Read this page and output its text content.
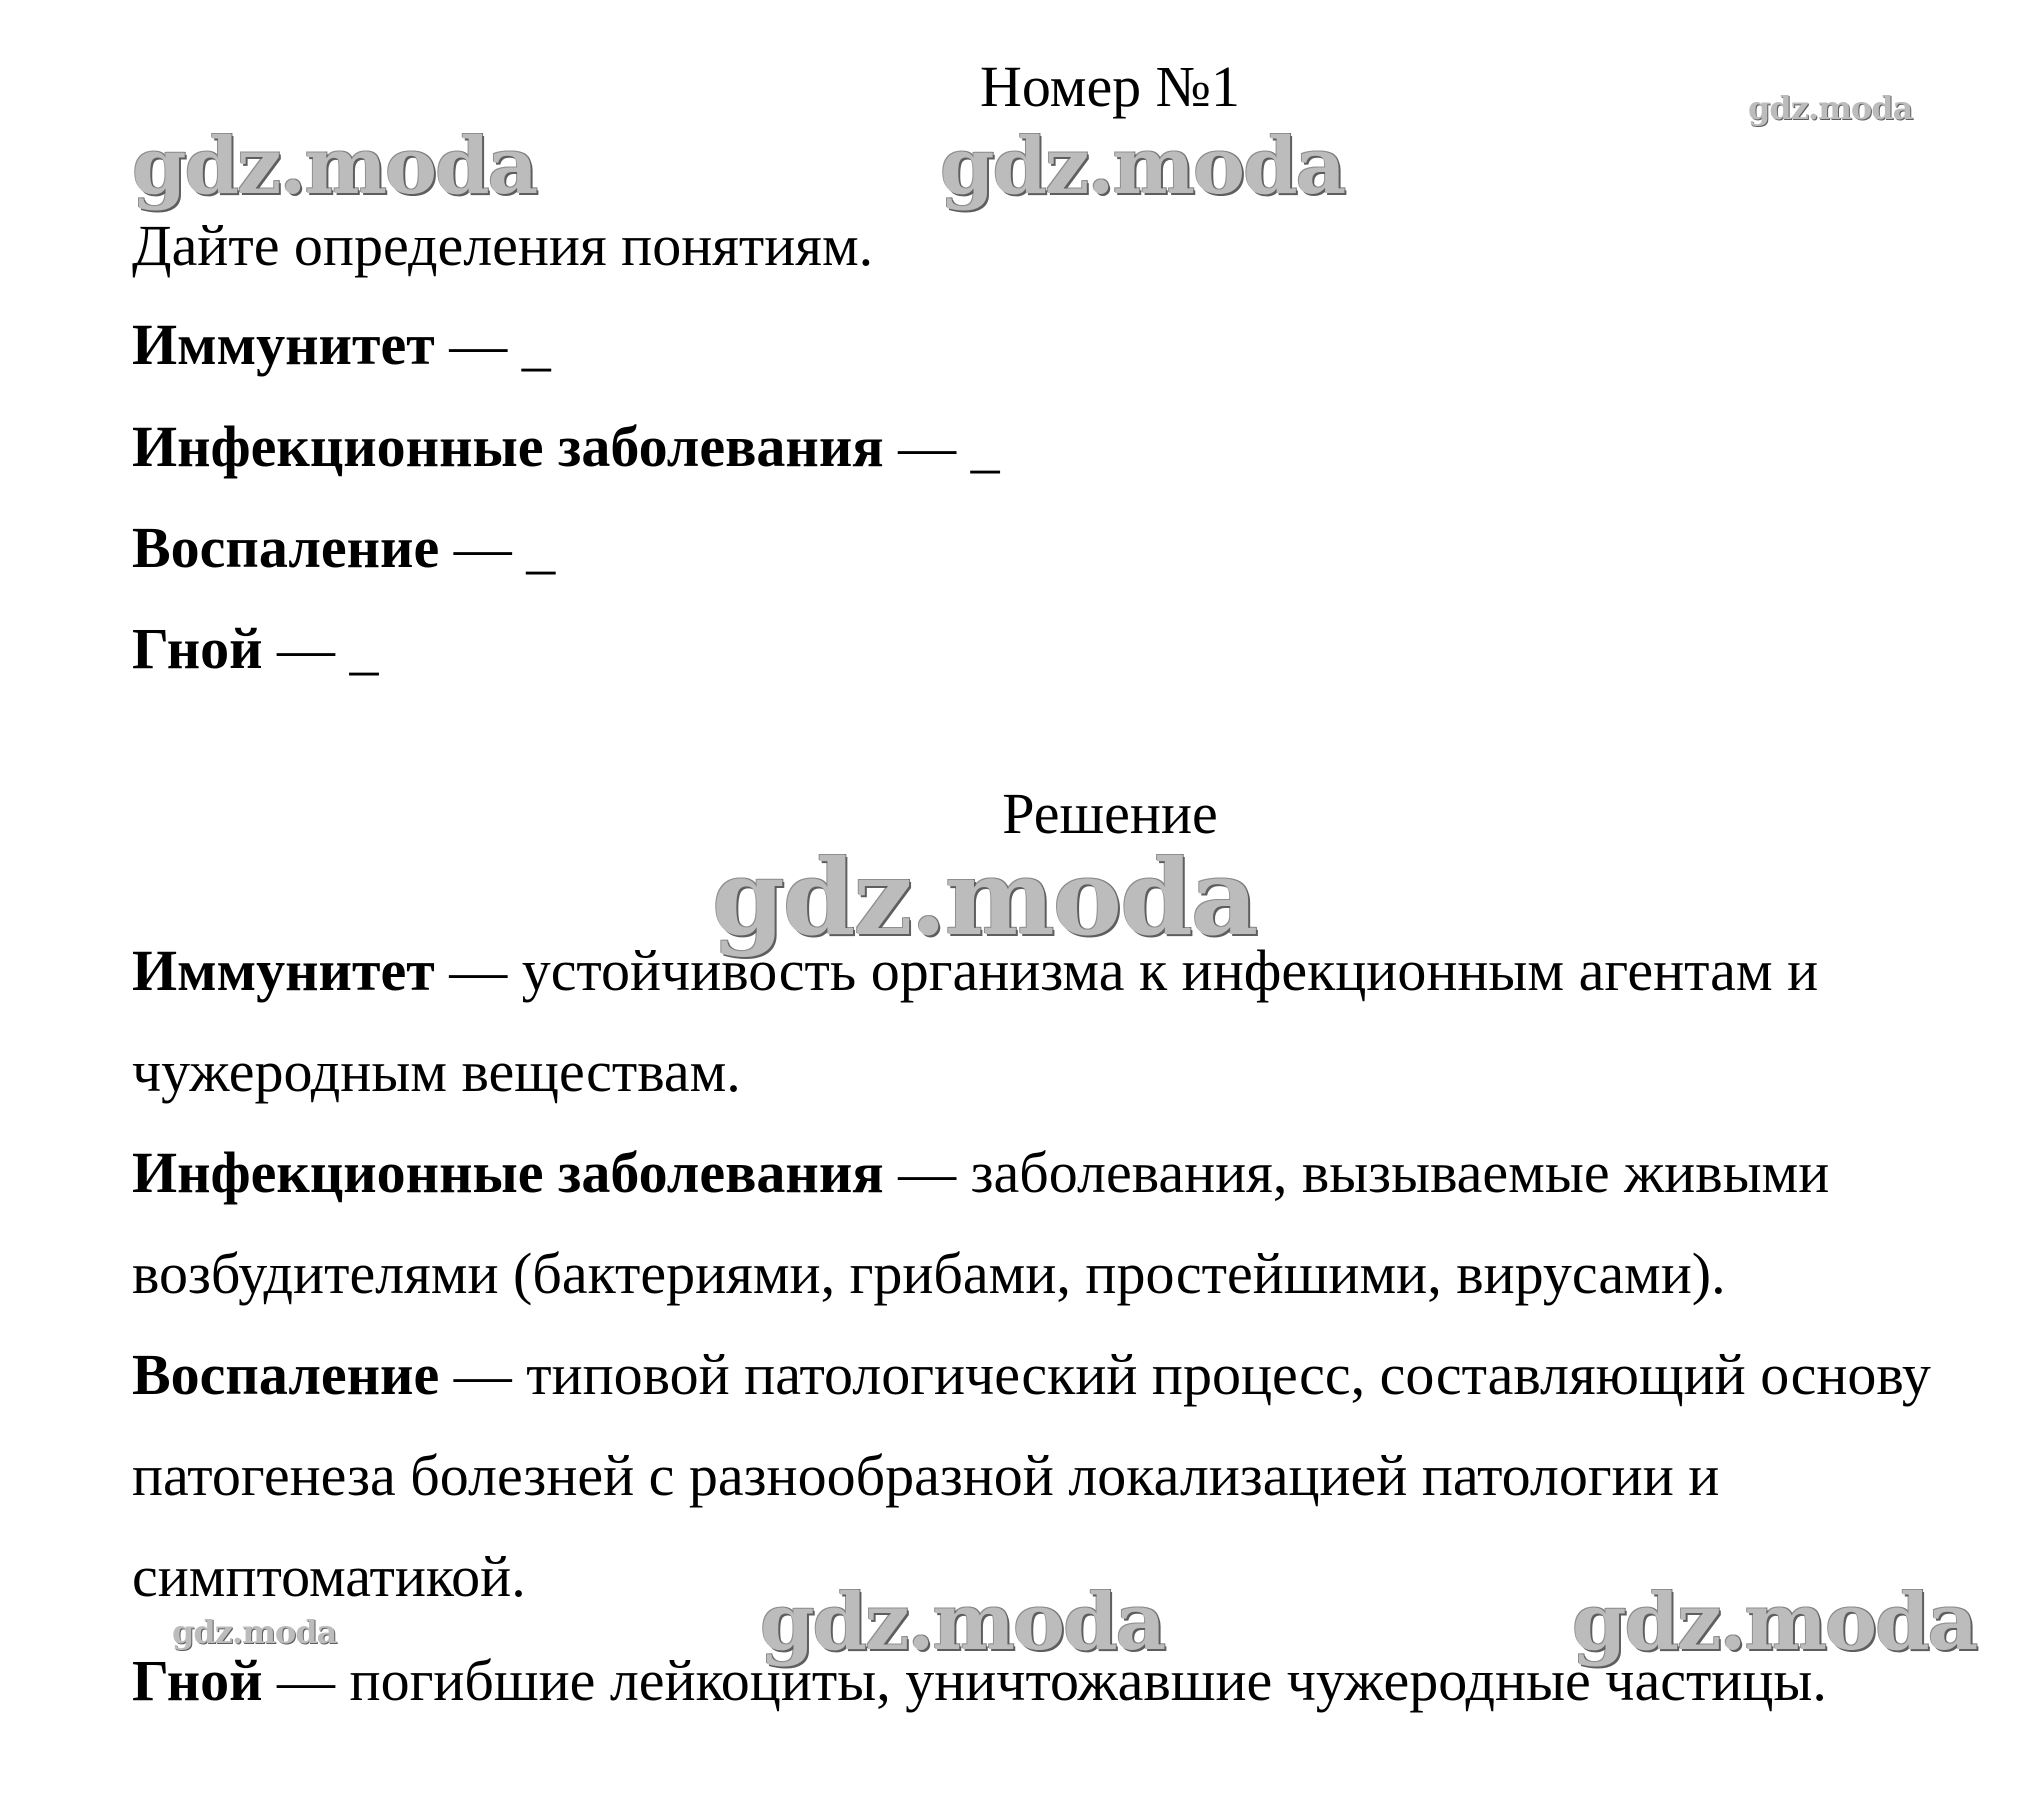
gdz.moda	gdz.moda
gdz.moda
gdz.moda
gdz.moda	gdz.moda	gdz.moda
Номер №1
Дайте определения понятиям.
Иммунитет — _
Инфекционные заболевания — _
Воспаление — _
Гной — _
Решение
Иммунитет — устойчивость организма к инфекционным агентам и
чужеродным веществам.
Инфекционные заболевания — заболевания, вызываемые живыми
возбудителями (бактериями, грибами, простейшими, вирусами).
Воспаление — типовой патологический процесс, составляющий основу
патогенеза болезней с разнообразной локализацией патологии и
симптоматикой.
Гной — погибшие лейкоциты, уничтожавшие чужеродные частицы.
